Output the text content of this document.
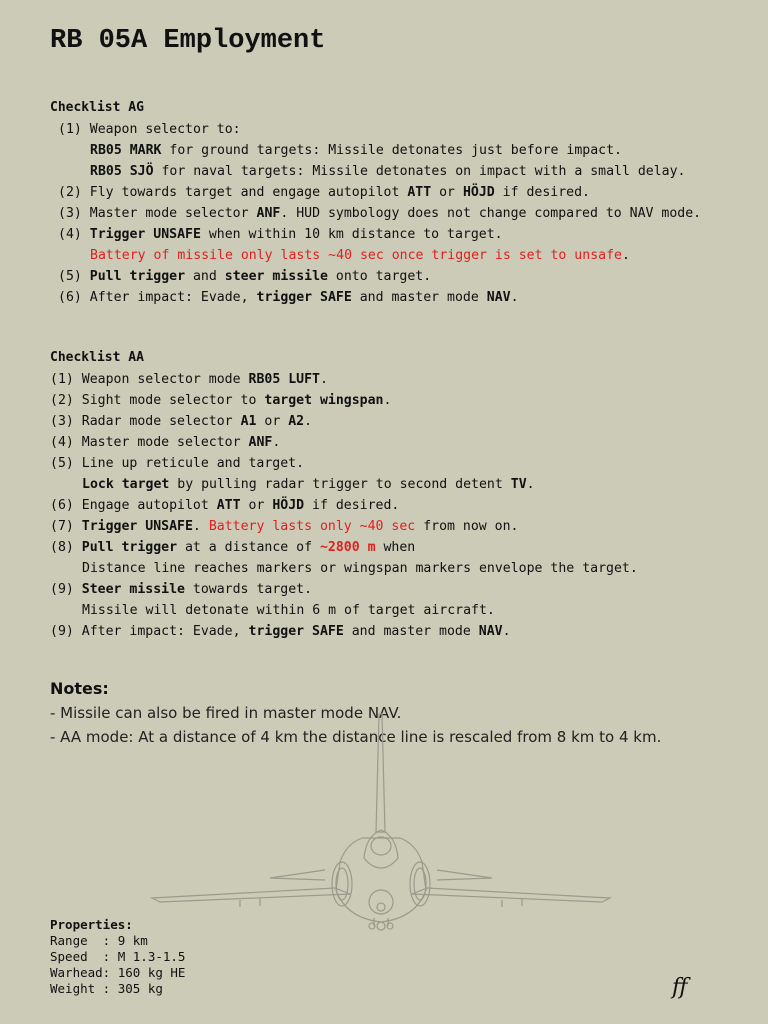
RB 05A Employment
Checklist AG
(1) Weapon selector to:
RB05 MARK for ground targets: Missile detonates just before impact.
RB05 SJÖ for naval targets: Missile detonates on impact with a small delay.
(2) Fly towards target and engage autopilot ATT or HÖJD if desired.
(3) Master mode selector ANF. HUD symbology does not change compared to NAV mode.
(4) Trigger UNSAFE when within 10 km distance to target.
Battery of missile only lasts ~40 sec once trigger is set to unsafe.
(5) Pull trigger and steer missile onto target.
(6) After impact: Evade, trigger SAFE and master mode NAV.
Checklist AA
(1) Weapon selector mode RB05 LUFT.
(2) Sight mode selector to target wingspan.
(3) Radar mode selector A1 or A2.
(4) Master mode selector ANF.
(5) Line up reticule and target.
Lock target by pulling radar trigger to second detent TV.
(6) Engage autopilot ATT or HÖJD if desired.
(7) Trigger UNSAFE. Battery lasts only ~40 sec from now on.
(8) Pull trigger at a distance of ~2800 m when
Distance line reaches markers or wingspan markers envelope the target.
(9) Steer missile towards target.
Missile will detonate within 6 m of target aircraft.
(9) After impact: Evade, trigger SAFE and master mode NAV.
Notes:
- Missile can also be fired in master mode NAV.
- AA mode: At a distance of 4 km the distance line is rescaled from 8 km to 4 km.
Properties:
Range  : 9 km
Speed  : M 1.3-1.5
Warhead: 160 kg HE
Weight : 305 kg	ff
